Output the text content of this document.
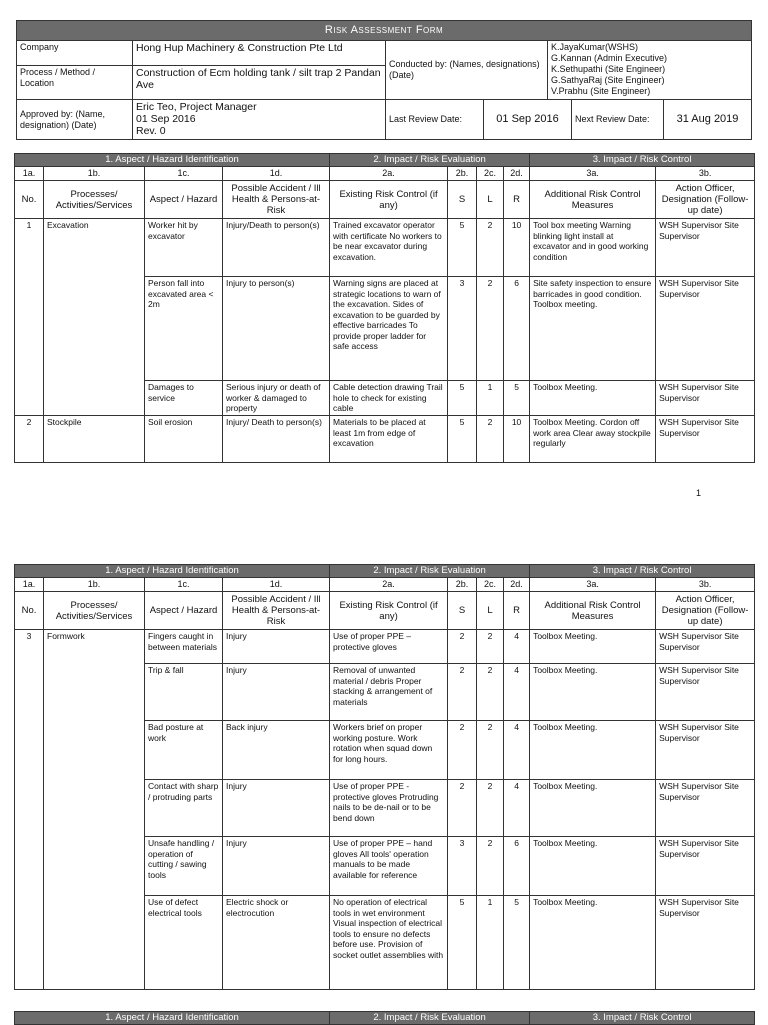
Risk Assessment Form						
Company	Hong Hup Machinery & Construction Pte Ltd	Conducted by: (Names, designations) (Date)		K.JayaKumar(WSHS)
G.Kannan (Admin Executive)
K.Sethupathi (Site Engineer)
G.SathyaRaj (Site Engineer)
V.Prabhu (Site Engineer)		

Process / Method / Location	Construction of Ecm holding tank / silt trap 2 Pandan Ave					
Approved by: (Name, designation) (Date)	Eric Teo, Project Manager
01 Sep 2016
Rev. 0	Last Review Date:	01 Sep 2016		Next Review Date:	31 Aug 2019
1. Aspect / Hazard Identification				2. Impact / Risk Evaluation				3. Impact / Risk Control	
1a.	1b.	1c.	1d.	2a.	2b.	2c.	2d.	3a.	3b.
No.	Processes/ Activities/Services	Aspect / Hazard	Possible Accident / Ill Health & Persons-at-Risk	Existing Risk Control (if any)	S	L	R	Additional Risk Control Measures	Action Officer, Designation (Follow-up date)
1	Excavation	Worker hit by excavator	Injury/Death to person(s)	Trained excavator operator with certificate No workers to be near excavator during excavation.	5	2	10	Tool box meeting Warning blinking light install at excavator and in good working condition	WSH Supervisor Site Supervisor
		Person fall into excavated area < 2m	Injury to person(s)	Warning signs are placed at strategic locations to warn of the excavation. Sides of excavation to be guarded by effective barricades To provide proper ladder for safe access	3	2	6	Site safety inspection to ensure barricades in good condition. Toolbox meeting.	WSH Supervisor Site Supervisor
		Damages to service	Serious injury or death of worker & damaged to property	Cable detection drawing Trail hole to check for existing cable	5	1	5	Toolbox Meeting.	WSH Supervisor Site Supervisor
2	Stockpile	Soil erosion	Injury/ Death to person(s)	Materials to be placed at least 1m from edge of excavation	5	2	10	Toolbox Meeting. Cordon off work area Clear away stockpile regularly	WSH Supervisor Site Supervisor
1
1. Aspect / Hazard Identification				2. Impact / Risk Evaluation				3. Impact / Risk Control	
1a.	1b.	1c.	1d.	2a.	2b.	2c.	2d.	3a.	3b.
No.	Processes/ Activities/Services	Aspect / Hazard	Possible Accident / Ill Health & Persons-at-Risk	Existing Risk Control (if any)	S	L	R	Additional Risk Control Measures	Action Officer, Designation (Follow-up date)
3	Formwork	Fingers caught in between materials	Injury	Use of proper PPE – protective gloves	2	2	4	Toolbox Meeting.	WSH Supervisor Site Supervisor
		Trip & fall	Injury	Removal of unwanted material / debris Proper stacking & arrangement of materials	2	2	4	Toolbox Meeting.	WSH Supervisor Site Supervisor
		Bad posture at work	Back injury	Workers brief on proper working posture. Work rotation when squad down for long hours.	2	2	4	Toolbox Meeting.	WSH Supervisor Site Supervisor
		Contact with sharp / protruding parts	Injury	Use of proper PPE - protective gloves Protruding nails to be de-nail or to be bend down	2	2	4	Toolbox Meeting.	WSH Supervisor Site Supervisor
		Unsafe handling / operation of cutting / sawing tools	Injury	Use of proper PPE – hand gloves All tools' operation manuals to be made available for reference	3	2	6	Toolbox Meeting.	WSH Supervisor Site Supervisor
		Use of defect electrical tools	Electric shock or electrocution	No operation of electrical tools in wet environment Visual inspection of electrical tools to ensure no defects before use. Provision of socket outlet assemblies with	5	1	5	Toolbox Meeting.	WSH Supervisor Site Supervisor
1. Aspect / Hazard Identification	2. Impact / Risk Evaluation	3. Impact / Risk Control
